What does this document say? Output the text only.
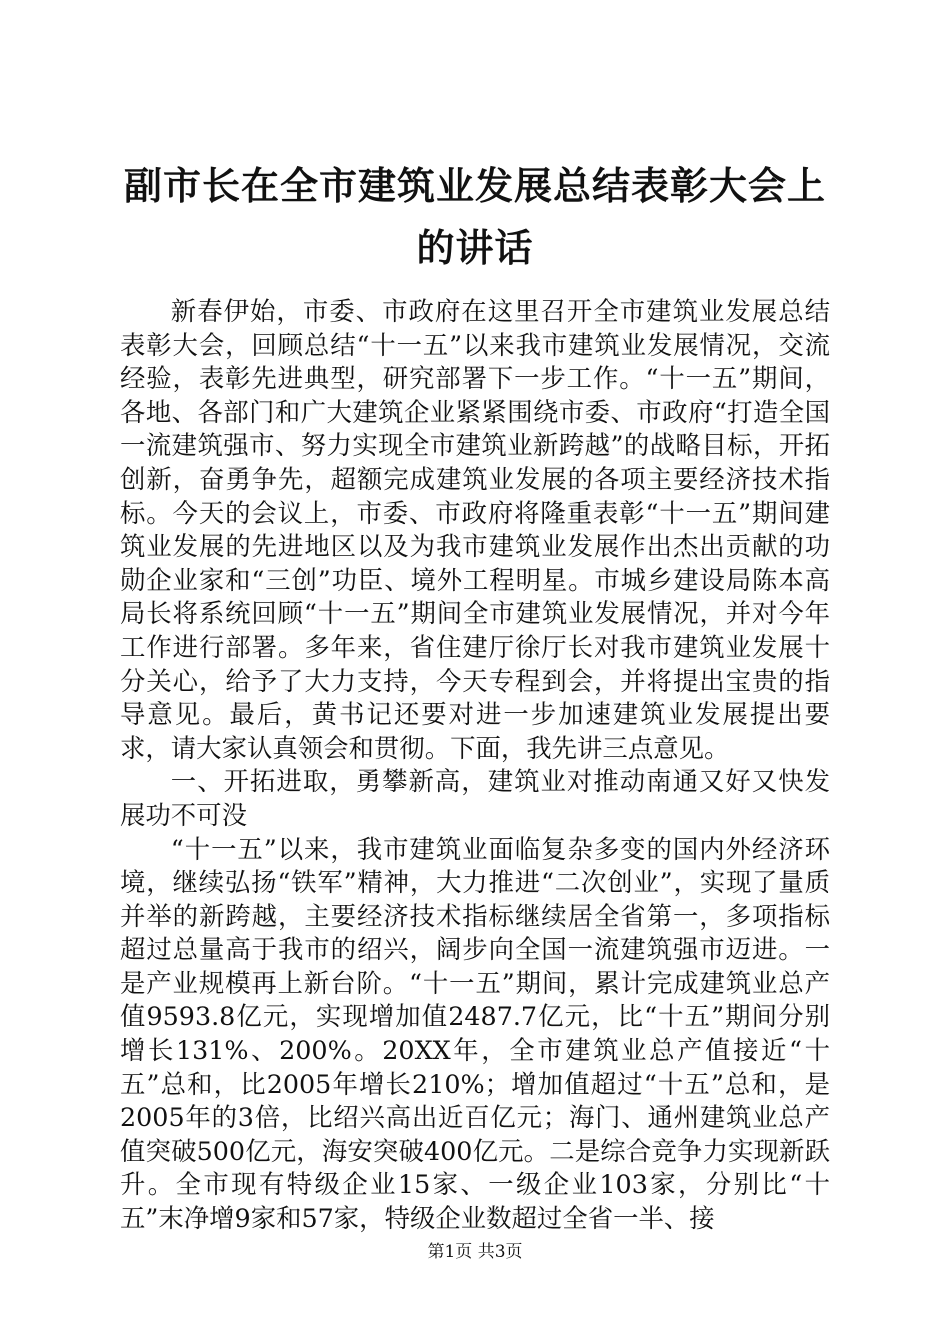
副市长在全市建筑业发展总结表彰大会上的讲话

新春伊始，市委、市政府在这里召开全市建筑业发展总结表彰大会，回顾总结“十一五”以来我市建筑业发展情况，交流经验，表彰先进典型，研究部署下一步工作。“十一五”期间，各地、各部门和广大建筑企业紧紧围绕市委、市政府“打造全国一流建筑强市、努力实现全市建筑业新跨越”的战略目标，开拓创新，奋勇争先，超额完成建筑业发展的各项主要经济技术指标。今天的会议上，市委、市政府将隆重表彰“十一五”期间建筑业发展的先进地区以及为我市建筑业发展作出杰出贡献的功勋企业家和“三创”功臣、境外工程明星。市城乡建设局陈本高局长将系统回顾“十一五”期间全市建筑业发展情况，并对今年工作进行部署。多年来，省住建厅徐厅长对我市建筑业发展十分关心，给予了大力支持，今天专程到会，并将提出宝贵的指导意见。最后，黄书记还要对进一步加速建筑业发展提出要求，请大家认真领会和贯彻。下面，我先讲三点意见。

一、开拓进取，勇攀新高，建筑业对推动南通又好又快发展功不可没

“十一五”以来，我市建筑业面临复杂多变的国内外经济环境，继续弘扬“铁军”精神，大力推进“二次创业”，实现了量质并举的新跨越，主要经济技术指标继续居全省第一，多项指标超过总量高于我市的绍兴，阔步向全国一流建筑强市迈进。一是产业规模再上新台阶。“十一五”期间，累计完成建筑业总产值9593.8亿元，实现增加值2487.7亿元，比“十五”期间分别增长131%、200%。20XX年，全市建筑业总产值接近“十五”总和，比2005年增长210%；增加值超过“十五”总和，是2005年的3倍，比绍兴高出近百亿元；海门、通州建筑业总产值突破500亿元，海安突破400亿元。二是综合竞争力实现新跃升。全市现有特级企业15家、一级企业103家，分别比“十五”末净增9家和57家，特级企业数超过全省一半、接

第1页 共3页
